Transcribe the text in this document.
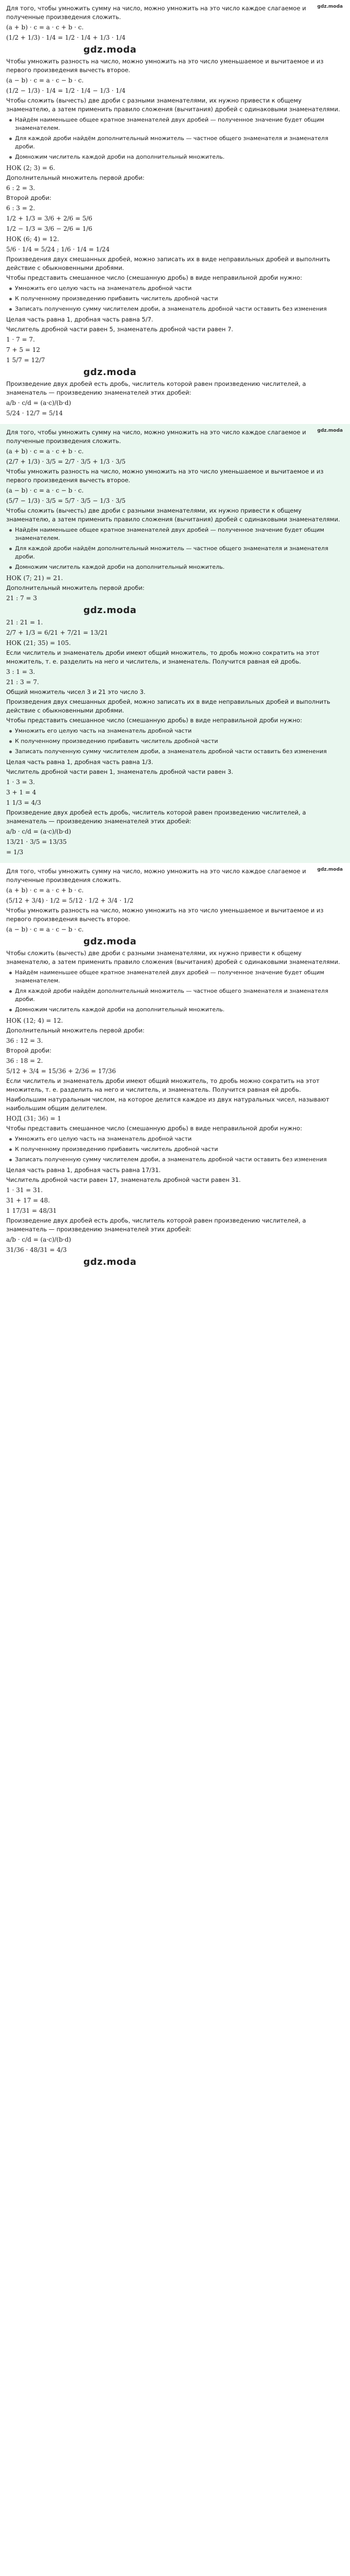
gdz.moda
Для того, чтобы умножить сумму на число, можно умножить на это число каждое слагаемое и полученные произведения сложить.
(a + b) · c = a · c + b · c.
(1/2 + 1/3) · 1/4 = 1/2 · 1/4 + 1/3 · 1/4
gdz.moda
Чтобы умножить разность на число, можно умножить на это число уменьшаемое и вычитаемое и из первого произведения вычесть второе.
(a − b) · c = a · c − b · c.
(1/2 − 1/3) · 1/4 = 1/2 · 1/4 − 1/3 · 1/4
Чтобы сложить (вычесть) две дроби с разными знаменателями, их нужно привести к общему знаменателю, а затем применить правило сложения (вычитания) дробей с одинаковыми знаменателями.
Найдём наименьшее общее кратное знаменателей двух дробей — полученное значение будет общим знаменателем.
Для каждой дроби найдём дополнительный множитель — частное общего знаменателя и знаменателя дроби.
Домножим числитель каждой дроби на дополнительный множитель.
НОК (2; 3) = 6.
Дополнительный множитель первой дроби:
6 : 2 = 3.
Второй дроби:
6 : 3 = 2.
1/2 + 1/3 = 3/6 + 2/6 = 5/6
1/2 − 1/3 = 3/6 − 2/6 = 1/6
НОК (6; 4) = 12.
5/6 · 1/4 = 5/24 ; 1/6 · 1/4 = 1/24
Произведения двух смешанных дробей, можно записать их в виде неправильных дробей и выполнить действие с обыкновенными дробями.
Чтобы представить смешанное число (смешанную дробь) в виде неправильной дроби нужно:
Умножить его целую часть на знаменатель дробной части
К полученному произведению прибавить числитель дробной части
Записать полученную сумму числителем дроби, а знаменатель дробной части оставить без изменения
Целая часть равна 1, дробная часть равна 5/7.
Числитель дробной части равен 5, знаменатель дробной части равен 7.
1 · 7 = 7.
7 + 5 = 12
1 5/7 = 12/7
gdz.moda
Произведение двух дробей есть дробь, числитель которой равен произведению числителей, а знаменатель — произведению знаменателей этих дробей:
a/b · c/d = (a·c)/(b·d)
5/24 · 12/7 = 5/14
gdz.moda
Для того, чтобы умножить сумму на число, можно умножить на это число каждое слагаемое и полученные произведения сложить.
(a + b) · c = a · c + b · c.
(2/7 + 1/3) · 3/5 = 2/7 · 3/5 + 1/3 · 3/5
Чтобы умножить разность на число, можно умножить на это число уменьшаемое и вычитаемое и из первого произведения вычесть второе.
(a − b) · c = a · c − b · c.
(5/7 − 1/3) · 3/5 = 5/7 · 3/5 − 1/3 · 3/5
Чтобы сложить (вычесть) две дроби с разными знаменателями, их нужно привести к общему знаменателю, а затем применить правило сложения (вычитания) дробей с одинаковыми знаменателями.
Найдём наименьшее общее кратное знаменателей двух дробей — полученное значение будет общим знаменателем.
Для каждой дроби найдём дополнительный множитель — частное общего знаменателя и знаменателя дроби.
Домножим числитель каждой дроби на дополнительный множитель.
НОК (7; 21) = 21.
Дополнительный множитель первой дроби:
21 : 7 = 3
gdz.moda
21 : 21 = 1.
2/7 + 1/3 = 6/21 + 7/21 = 13/21
НОК (21; 35) = 105.
Если числитель и знаменатель дроби имеют общий множитель, то дробь можно сократить на этот множитель, т. е. разделить на него и числитель, и знаменатель. Получится равная ей дробь.
3 : 1 = 3.
21 : 3 = 7.
Общий множитель чисел 3 и 21 это число 3.
Произведения двух смешанных дробей, можно записать их в виде неправильных дробей и выполнить действие с обыкновенными дробями.
Чтобы представить смешанное число (смешанную дробь) в виде неправильной дроби нужно:
Умножить его целую часть на знаменатель дробной части
К полученному произведению прибавить числитель дробной части
Записать полученную сумму числителем дроби, а знаменатель дробной части оставить без изменения
Целая часть равна 1, дробная часть равна 1/3.
Числитель дробной части равен 1, знаменатель дробной части равен 3.
1 · 3 = 3.
3 + 1 = 4
1 1/3 = 4/3
Произведение двух дробей есть дробь, числитель которой равен произведению числителей, а знаменатель — произведению знаменателей этих дробей:
a/b · c/d = (a·c)/(b·d)
13/21 · 3/5 = 13/35
= 1/3
gdz.moda
Для того, чтобы умножить сумму на число, можно умножить на это число каждое слагаемое и полученные произведения сложить.
(a + b) · c = a · c + b · c.
(5/12 + 3/4) · 1/2 = 5/12 · 1/2 + 3/4 · 1/2
Чтобы умножить разность на число, можно умножить на это число уменьшаемое и вычитаемое и из первого произведения вычесть второе.
(a − b) · c = a · c − b · c.
gdz.moda
Чтобы сложить (вычесть) две дроби с разными знаменателями, их нужно привести к общему знаменателю, а затем применить правило сложения (вычитания) дробей с одинаковыми знаменателями.
Найдём наименьшее общее кратное знаменателей двух дробей — полученное значение будет общим знаменателем.
Для каждой дроби найдём дополнительный множитель — частное общего знаменателя и знаменателя дроби.
Домножим числитель каждой дроби на дополнительный множитель.
НОК (12; 4) = 12.
Дополнительный множитель первой дроби:
36 : 12 = 3.
Второй дроби:
36 : 18 = 2.
5/12 + 3/4 = 15/36 + 2/36 = 17/36
Если числитель и знаменатель дроби имеют общий множитель, то дробь можно сократить на этот множитель, т. е. разделить на него и числитель, и знаменатель. Получится равная ей дробь.
Наибольшим натуральным числом, на которое делится каждое из двух натуральных чисел, называют наибольшим общим делителем.
НОД (31; 36) = 1
Чтобы представить смешанное число (смешанную дробь) в виде неправильной дроби нужно:
Умножить его целую часть на знаменатель дробной части
К полученному произведению прибавить числитель дробной части
Записать полученную сумму числителем дроби, а знаменатель дробной части оставить без изменения
Целая часть равна 1, дробная часть равна 17/31.
Числитель дробной части равен 17, знаменатель дробной части равен 31.
1 · 31 = 31.
31 + 17 = 48.
1 17/31 = 48/31
Произведение двух дробей есть дробь, числитель которой равен произведению числителей, а знаменатель — произведению знаменателей этих дробей:
a/b · c/d = (a·c)/(b·d)
31/36 · 48/31 = 4/3
gdz.moda
